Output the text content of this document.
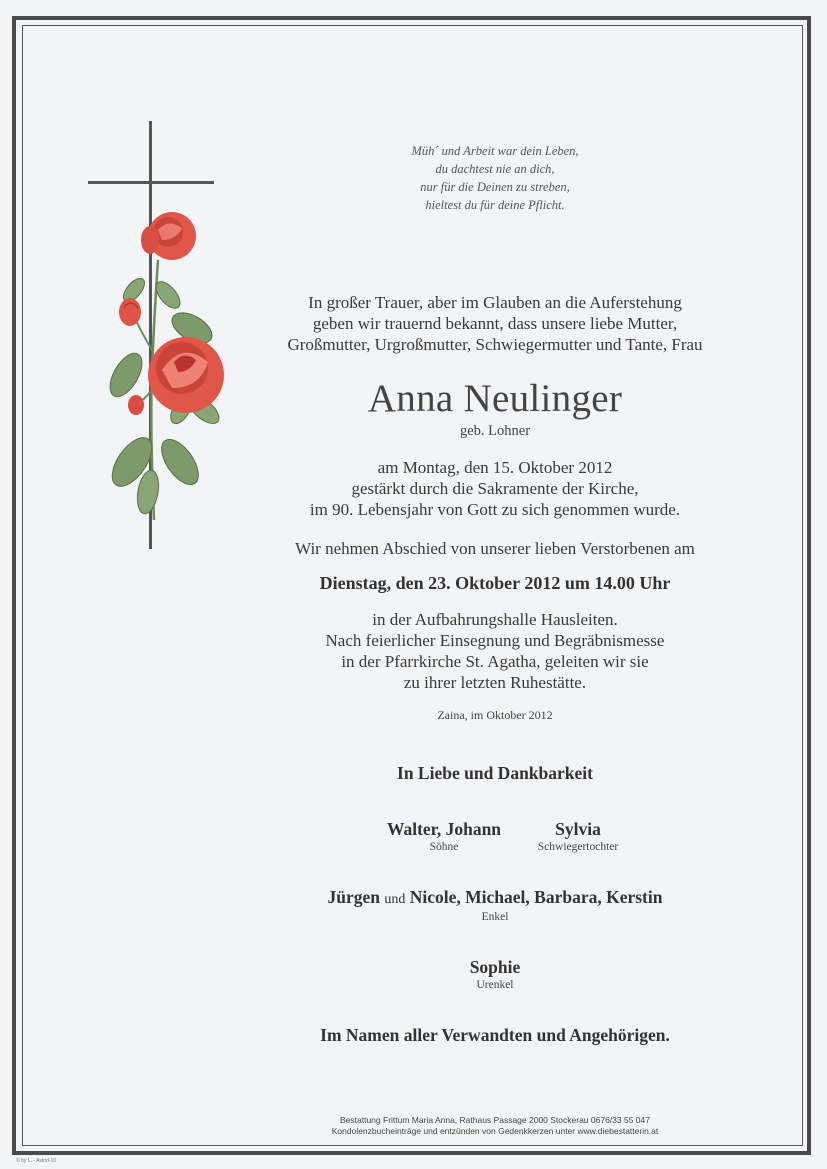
Müh´ und Arbeit war dein Leben,
du dachtest nie an dich,
nur für die Deinen zu streben,
hieltest du für deine Pflicht.
In großer Trauer, aber im Glauben an die Auferstehung
geben wir trauernd bekannt, dass unsere liebe Mutter,
Großmutter, Urgroßmutter, Schwiegermutter und Tante, Frau
Anna Neulinger
geb. Lohner
am Montag, den 15. Oktober 2012
gestärkt durch die Sakramente der Kirche,
im 90. Lebensjahr von Gott zu sich genommen wurde.
Wir nehmen Abschied von unserer lieben Verstorbenen am
Dienstag, den 23. Oktober 2012 um 14.00 Uhr
in der Aufbahrungshalle Hausleiten.
Nach feierlicher Einsegnung und Begräbnismesse
in der Pfarrkirche St. Agatha, geleiten wir sie
zu ihrer letzten Ruhestätte.
Zaina, im Oktober 2012
In Liebe und Dankbarkeit
Walter, Johann
Söhne
Sylvia
Schwiegertochter
Jürgen und Nicole, Michael, Barbara, Kerstin
Enkel
Sophie
Urenkel
Im Namen aller Verwandten und Angehörigen.
Bestattung Frittum Maria Anna, Rathaus Passage 2000 Stockerau 0676/33 55 047
Kondolenzbucheinträge und entzünden von Gedenkkerzen unter www.diebestatterin.at
© by L. - Astrid-10
